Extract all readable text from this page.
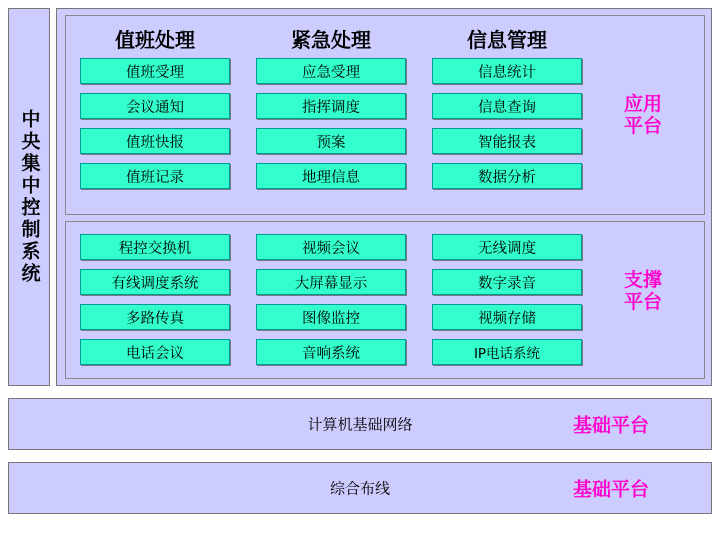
中央集中控制系统
值班处理	紧急处理	信息管理
值班受理
会议通知
值班快报
值班记录
应急受理
指挥调度
预案
地理信息
信息统计
信息查询
智能报表
数据分析
应用
平台
程控交换机
有线调度系统
多路传真
电话会议
视频会议
大屏幕显示
图像监控
音响系统
无线调度
数字录音
视频存储
IP电话系统
支撑
平台
计算机基础网络	基础平台
综合布线	基础平台
